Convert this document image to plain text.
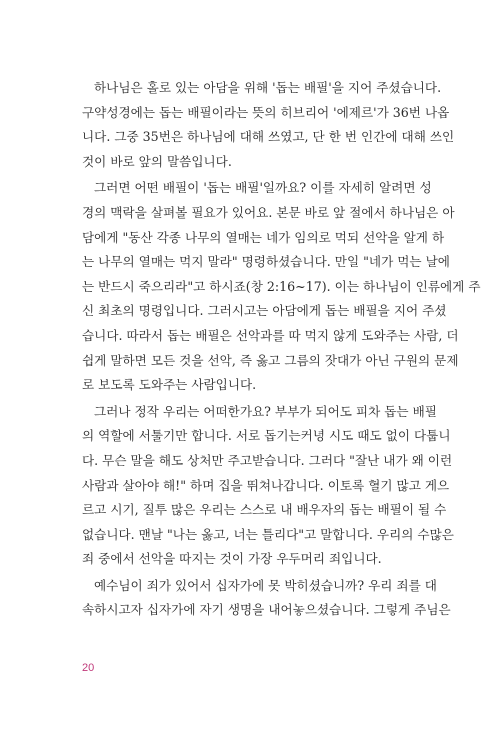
하나님은 홀로 있는 아담을 위해 '돕는 배필'을 지어 주셨습니다.
구약성경에는 돕는 배필이라는 뜻의 히브리어 '에제르'가 36번 나옵
니다. 그중 35번은 하나님에 대해 쓰였고, 단 한 번 인간에 대해 쓰인
것이 바로 앞의 말씀입니다.
그러면 어떤 배필이 '돕는 배필'일까요? 이를 자세히 알려면 성
경의 맥락을 살펴볼 필요가 있어요. 본문 바로 앞 절에서 하나님은 아
담에게 "동산 각종 나무의 열매는 네가 임의로 먹되 선악을 알게 하
는 나무의 열매는 먹지 말라" 명령하셨습니다. 만일 "네가 먹는 날에
는 반드시 죽으리라"고 하시죠(창 2:16~17). 이는 하나님이 인류에게 주
신 최초의 명령입니다. 그러시고는 아담에게 돕는 배필을 지어 주셨
습니다. 따라서 돕는 배필은 선악과를 따 먹지 않게 도와주는 사람, 더
쉽게 말하면 모든 것을 선악, 즉 옳고 그름의 잣대가 아닌 구원의 문제
로 보도록 도와주는 사람입니다.
그러나 정작 우리는 어떠한가요? 부부가 되어도 피차 돕는 배필
의 역할에 서툴기만 합니다. 서로 돕기는커녕 시도 때도 없이 다툽니
다. 무슨 말을 해도 상처만 주고받습니다. 그러다 "잘난 내가 왜 이런
사람과 살아야 해!" 하며 집을 뛰쳐나갑니다. 이토록 혈기 많고 게으
르고 시기, 질투 많은 우리는 스스로 내 배우자의 돕는 배필이 될 수
없습니다. 맨날 "나는 옳고, 너는 틀리다"고 말합니다. 우리의 수많은
죄 중에서 선악을 따지는 것이 가장 우두머리 죄입니다.
예수님이 죄가 있어서 십자가에 못 박히셨습니까? 우리 죄를 대
속하시고자 십자가에 자기 생명을 내어놓으셨습니다. 그렇게 주님은
20
